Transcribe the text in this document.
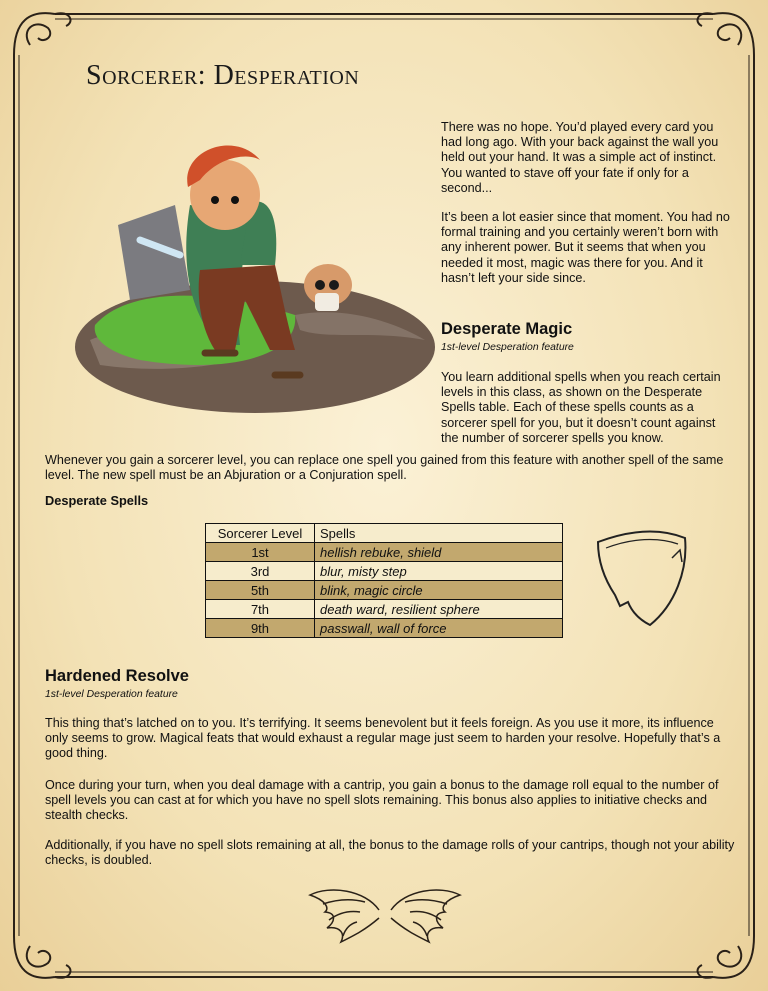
Sorcerer: Desperation

There was no hope. You’d played every card you had long ago. With your back against the wall you held out your hand. It was a simple act of instinct. You wanted to stave off your fate if only for a second...

It’s been a lot easier since that moment. You had no formal training and you certainly weren’t born with any inherent power. But it seems that when you needed it most, magic was there for you. And it hasn’t left your side since.

Desperate Magic

1st-level Desperation feature

You learn additional spells when you reach certain levels in this class, as shown on the Desperate Spells table. Each of these spells counts as a sorcerer spell for you, but it doesn’t count against the number of sorcerer spells you know.

Whenever you gain a sorcerer level, you can replace one spell you gained from this feature with another spell of the same level. The new spell must be an Abjuration or a Conjuration spell.

Desperate Spells

Sorcerer Level	Spells
1st	hellish rebuke, shield
3rd	blur, misty step
5th	blink, magic circle
7th	death ward, resilient sphere
9th	passwall, wall of force
Hardened Resolve

1st-level Desperation feature

This thing that’s latched on to you. It’s terrifying. It seems benevolent but it feels foreign. As you use it more, its influence only seems to grow. Magical feats that would exhaust a regular mage just seem to harden your resolve. Hopefully that’s a good thing.

Once during your turn, when you deal damage with a cantrip, you gain a bonus to the damage roll equal to the number of spell levels you can cast at for which you have no spell slots remaining. This bonus also applies to initiative checks and stealth checks.

Additionally, if you have no spell slots remaining at all, the bonus to the damage rolls of your cantrips, though not your ability checks, is doubled.
